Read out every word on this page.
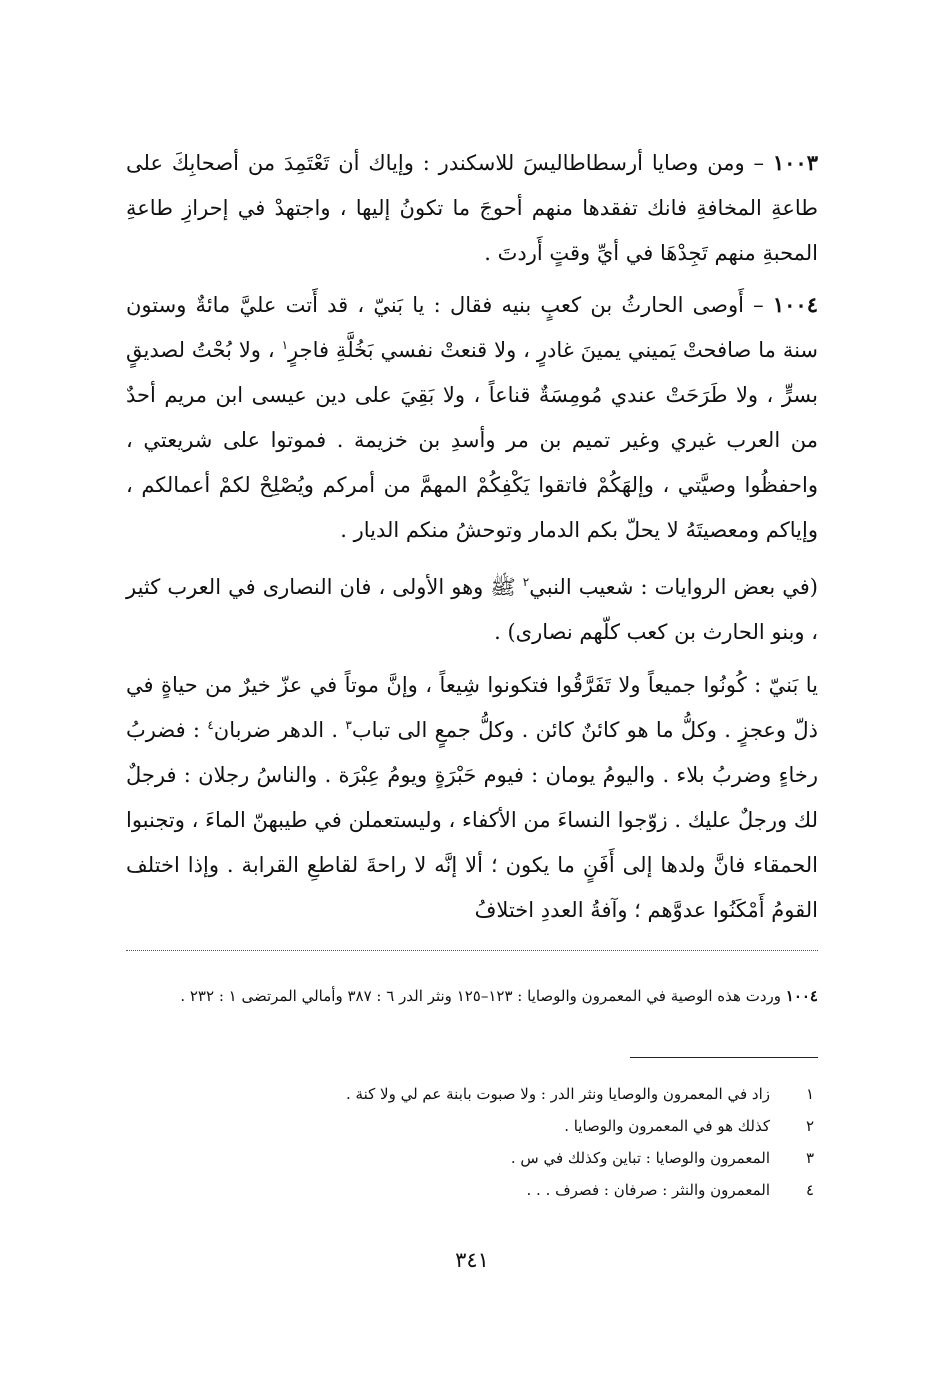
١٠٠٣ – ومن وصايا أرسطاطاليسَ للاسكندر : وإياك أن تَعْتَمِدَ من أصحابِكَ على طاعةِ المخافةِ فانك تفقدها منهم أحوجَ ما تكونُ إليها ، واجتهدْ في إحرازِ طاعةِ المحبةِ منهم تَجِدْهَا في أيِّ وقتٍ أَردتَ .

١٠٠٤ – أَوصى الحارثُ بن كعبٍ بنيه فقال : يا بَنيّ ، قد أَتت عليَّ مائةٌ وستون سنة ما صافحتْ يَميني يمينَ غادرٍ ، ولا قنعتْ نفسي بَخُلَّةِ فاجرٍ$^١$ ، ولا بُحْتُ لصديقٍ بسرٍّ ، ولا طَرَحَتْ عندي مُومِسَةٌ قناعاً ، ولا بَقِيَ على دين عيسى ابن مريم أحدٌ من العرب غيري وغير تميم بن مر وأسدِ بن خزيمة . فموتوا على شريعتي ، واحفظُوا وصيَّتي ، وإلهَكُمْ فاتقوا يَكْفِكُمْ المهمَّ من أمركم ويُصْلِحْ لكمْ أعمالكم ، وإياكم ومعصيتَهُ لا يحلّ بكم الدمار وتوحشُ منكم الديار .

(في بعض الروايات : شعيب النبي$^٢$ ﷺ وهو الأولى ، فان النصارى في العرب كثير ، وبنو الحارث بن كعب كلّهم نصارى) .

يا بَنيّ : كُونُوا جميعاً ولا تَفَرَّقُوا فتكونوا شِيعاً ، وإنَّ موتاً في عزّ خيرٌ من حياةٍ في ذلّ وعجزٍ . وكلُّ ما هو كائنٌ كائن . وكلُّ جمعٍ الى تباب$^٣$ . الدهر ضربان$^٤$ : فضربُ رخاءٍ وضربُ بلاء . واليومُ يومان : فيوم حَبْرَةٍ ويومُ عِبْرَة . والناسُ رجلان : فرجلٌ لك ورجلٌ عليك . زوّجوا النساءَ من الأكفاء ، وليستعملن في طيبهنّ الماءَ ، وتجنبوا الحمقاء فانَّ ولدها إلى أَفَنٍ ما يكون ؛ ألا إنَّه لا راحةَ لقاطعِ القرابة . وإذا اختلف القومُ أَمْكَنُوا عدوَّهم ؛ وآفةُ العددِ اختلافُ

١٠٠٤ وردت هذه الوصية في المعمرون والوصايا : ١٢٣–١٢٥ ونثر الدر ٦ : ٣٨٧ وأمالي المرتضى ١ : ٢٣٢ .

١
زاد في المعمرون والوصايا ونثر الدر : ولا صبوت بابنة عم لي ولا كنة .
٢
كذلك هو في المعمرون والوصايا .
٣
المعمرون والوصايا : تباين وكذلك في س .
٤
المعمرون والنثر : صرفان : فصرف . . .
٣٤١
